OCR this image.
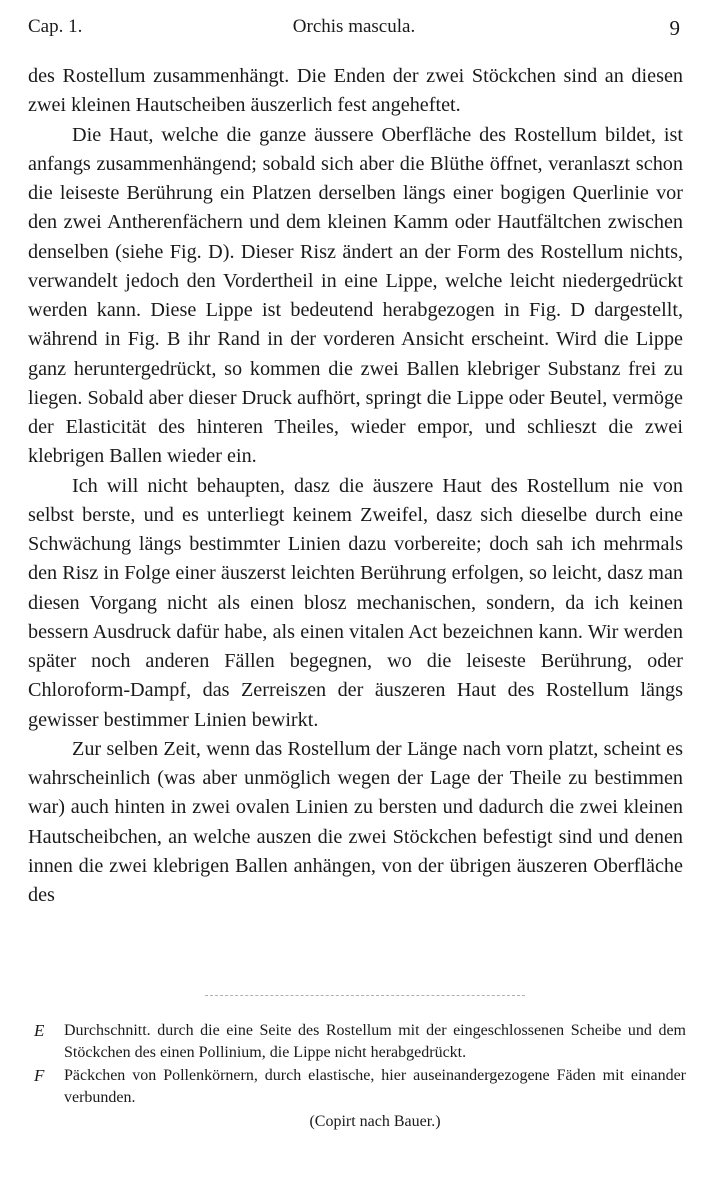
Cap. 1.	Orchis mascula.	9

des Rostellum zusammenhängt. Die Enden der zwei Stöckchen sind an diesen zwei kleinen Hautscheiben äuszerlich fest angeheftet.

Die Haut, welche die ganze äussere Oberfläche des Rostellum bildet, ist anfangs zusammenhängend; sobald sich aber die Blüthe öffnet, veranlaszt schon die leiseste Berührung ein Platzen derselben längs einer bogigen Querlinie vor den zwei Antherenfächern und dem kleinen Kamm oder Hautfältchen zwischen denselben (siehe Fig. D). Dieser Risz ändert an der Form des Rostellum nichts, verwandelt jedoch den Vordertheil in eine Lippe, welche leicht niedergedrückt werden kann. Diese Lippe ist bedeutend herabgezogen in Fig. D dargestellt, während in Fig. B ihr Rand in der vorderen Ansicht erscheint. Wird die Lippe ganz heruntergedrückt, so kommen die zwei Ballen klebriger Substanz frei zu liegen. Sobald aber dieser Druck aufhört, springt die Lippe oder Beutel, vermöge der Elasticität des hinteren Theiles, wieder empor, und schlieszt die zwei klebrigen Ballen wieder ein.

Ich will nicht behaupten, dasz die äuszere Haut des Rostellum nie von selbst berste, und es unterliegt keinem Zweifel, dasz sich dieselbe durch eine Schwächung längs bestimmter Linien dazu vorbereite; doch sah ich mehrmals den Risz in Folge einer äuszerst leichten Berührung erfolgen, so leicht, dasz man diesen Vorgang nicht als einen blosz mechanischen, sondern, da ich keinen bessern Ausdruck dafür habe, als einen vitalen Act bezeichnen kann. Wir werden später noch anderen Fällen begegnen, wo die leiseste Berührung, oder Chloroform-Dampf, das Zerreiszen der äuszeren Haut des Rostellum längs gewisser bestimmer Linien bewirkt.

Zur selben Zeit, wenn das Rostellum der Länge nach vorn platzt, scheint es wahrscheinlich (was aber unmöglich wegen der Lage der Theile zu bestimmen war) auch hinten in zwei ovalen Linien zu bersten und dadurch die zwei kleinen Hautscheibchen, an welche auszen die zwei Stöckchen befestigt sind und denen innen die zwei klebrigen Ballen anhängen, von der übrigen äuszeren Oberfläche des

E	Durchschnitt. durch die eine Seite des Rostellum mit der eingeschlossenen Scheibe und dem Stöckchen des einen Pollinium, die Lippe nicht herabgedrückt.
F	Päckchen von Pollenkörnern, durch elastische, hier auseinandergezogene Fäden mit einander verbunden.
(Copirt nach Bauer.)
